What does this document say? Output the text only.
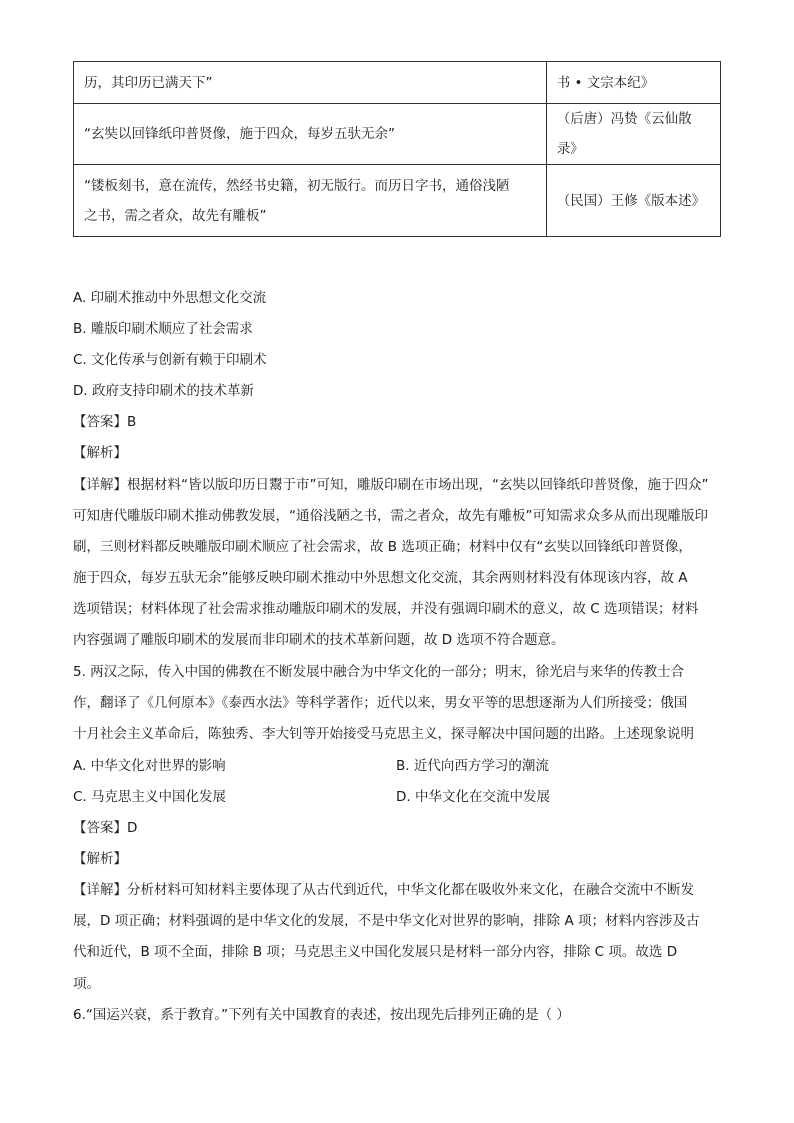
历，其印历已满天下”	书 • 文宗本纪》
“玄奘以回锋纸印普贤像，施于四众，每岁五驮无余”	（后唐）冯贽《云仙散
录》

“镂板刻书，意在流传，然经书史籍，初无版行。而历日字书，通俗浅陋
之书，需之者众，故先有雕板”	（民国）王修《版本述》
A. 印刷术推动中外思想文化交流
B. 雕版印刷术顺应了社会需求
C. 文化传承与创新有赖于印刷术
D. 政府支持印刷术的技术革新
【答案】B
【解析】
【详解】根据材料“皆以版印历日鬻于市”可知，雕版印刷在市场出现，“玄奘以回锋纸印普贤像，施于四众”
可知唐代雕版印刷术推动佛教发展，“通俗浅陋之书，需之者众，故先有雕板”可知需求众多从而出现雕版印
刷，三则材料都反映雕版印刷术顺应了社会需求，故 B 选项正确；材料中仅有“玄奘以回锋纸印普贤像，
施于四众，每岁五驮无余”能够反映印刷术推动中外思想文化交流，其余两则材料没有体现该内容，故 A
选项错误；材料体现了社会需求推动雕版印刷术的发展，并没有强调印刷术的意义，故 C 选项错误；材料
内容强调了雕版印刷术的发展而非印刷术的技术革新问题，故 D 选项不符合题意。
5. 两汉之际，传入中国的佛教在不断发展中融合为中华文化的一部分；明末，徐光启与来华的传教士合
作，翻译了《几何原本》《泰西水法》等科学著作；近代以来，男女平等的思想逐渐为人们所接受；俄国
十月社会主义革命后，陈独秀、李大钊等开始接受马克思主义，探寻解决中国问题的出路。上述现象说明
A. 中华文化对世界的影响	B. 近代向西方学习的潮流
C. 马克思主义中国化发展	D. 中华文化在交流中发展
【答案】D
【解析】
【详解】分析材料可知材料主要体现了从古代到近代，中华文化都在吸收外来文化，在融合交流中不断发
展，D 项正确；材料强调的是中华文化的发展，不是中华文化对世界的影响，排除 A 项；材料内容涉及古
代和近代，B 项不全面，排除 B 项；马克思主义中国化发展只是材料一部分内容，排除 C 项。故选 D
项。
6.“国运兴衰，系于教育。”下列有关中国教育的表述，按出现先后排列正确的是（ ）
